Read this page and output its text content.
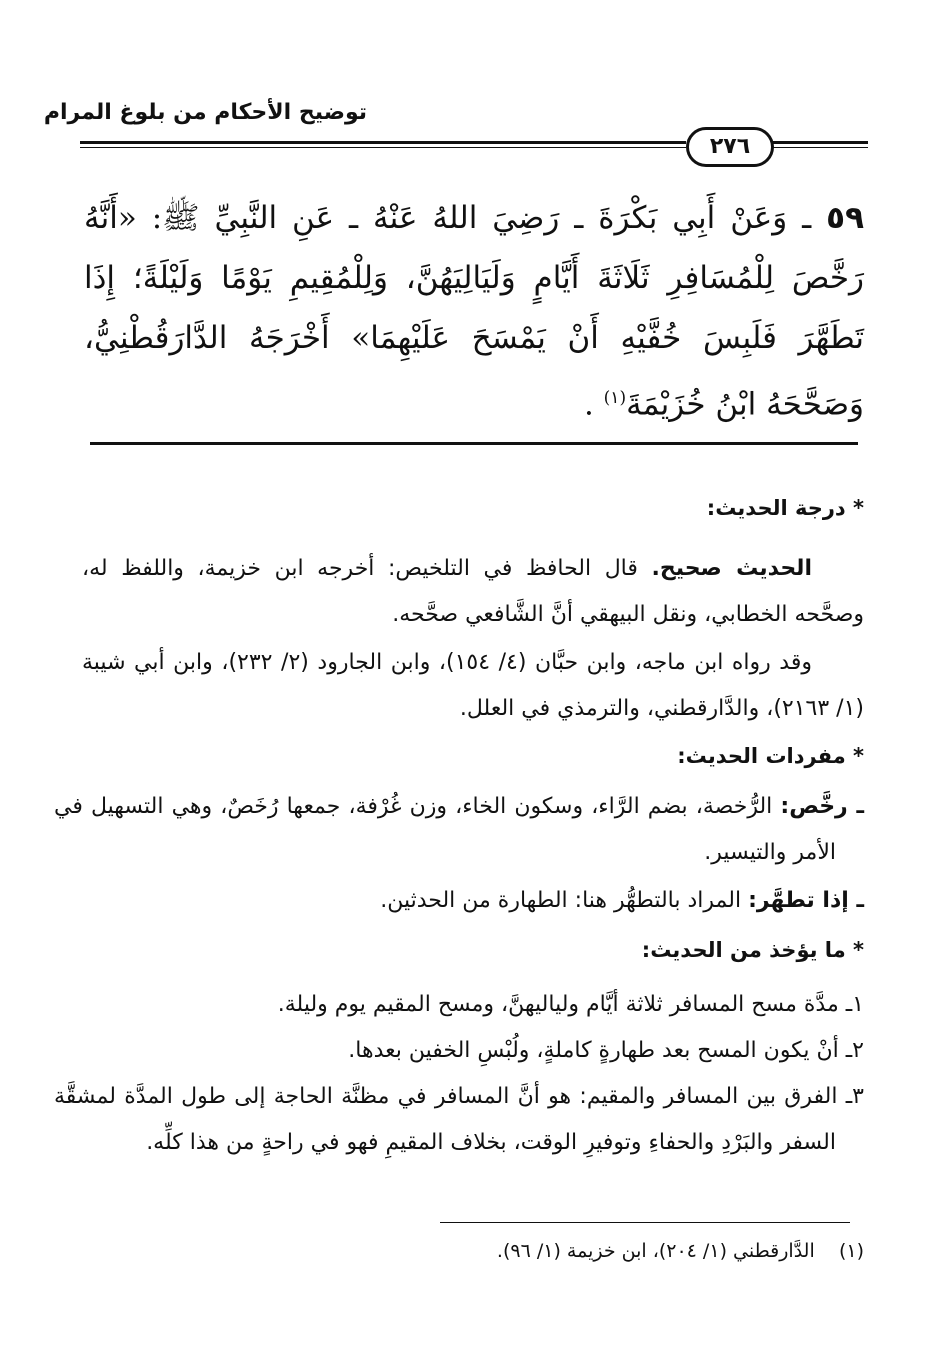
توضيح الأحكام من بلوغ المرام
٢٧٦
٥٩ ـ وَعَنْ أَبِي بَكْرَةَ ـ رَضِيَ اللهُ عَنْهُ ـ عَنِ النَّبِيِّ ﷺ: «أَنَّهُ رَخَّصَ لِلْمُسَافِرِ ثَلَاثَةَ أَيَّامٍ وَلَيَالِيَهُنَّ، وَلِلْمُقِيمِ يَوْمًا وَلَيْلَةً؛ إِذَا تَطَهَّرَ فَلَبِسَ خُفَّيْهِ أَنْ يَمْسَحَ عَلَيْهِمَا» أَخْرَجَهُ الدَّارَقُطْنِيُّ، وَصَحَّحَهُ ابْنُ خُزَيْمَةَ$^{(١)}$ .
* درجة الحديث:
الحديث صحيح. قال الحافظ في التلخيص: أخرجه ابن خزيمة، واللفظ له، وصحَّحه الخطابي، ونقل البيهقي أنَّ الشَّافعي صحَّحه.
وقد رواه ابن ماجه، وابن حبَّان (٤/ ١٥٤)، وابن الجارود (٢/ ٢٣٢)، وابن أبي شيبة (١/ ٢١٦٣)، والدَّارقطني، والترمذي في العلل.
* مفردات الحديث:
ـ رخَّص: الرُّخصة، بضم الرَّاء، وسكون الخاء، وزن غُرْفة، جمعها رُخَصٌ، وهي التسهيل في الأمر والتيسير.
ـ إذا تطهَّر: المراد بالتطهُّر هنا: الطهارة من الحدثين.
* ما يؤخذ من الحديث:
١ـ مدَّة مسح المسافر ثلاثة أيَّام ولياليهنَّ، ومسح المقيم يوم وليلة.
٢ـ أنْ يكون المسح بعد طهارةٍ كاملةٍ، ولُبْسِ الخفين بعدها.
٣ـ الفرق بين المسافر والمقيم: هو أنَّ المسافر في مظنَّة الحاجة إلى طول المدَّة لمشقَّة السفر والبَرْدِ والحفاءِ وتوفيرِ الوقت، بخلاف المقيمِ فهو في راحةٍ من هذا كلِّه.
(١)    الدَّارقطني (١/ ٢٠٤)، ابن خزيمة (١/ ٩٦).
